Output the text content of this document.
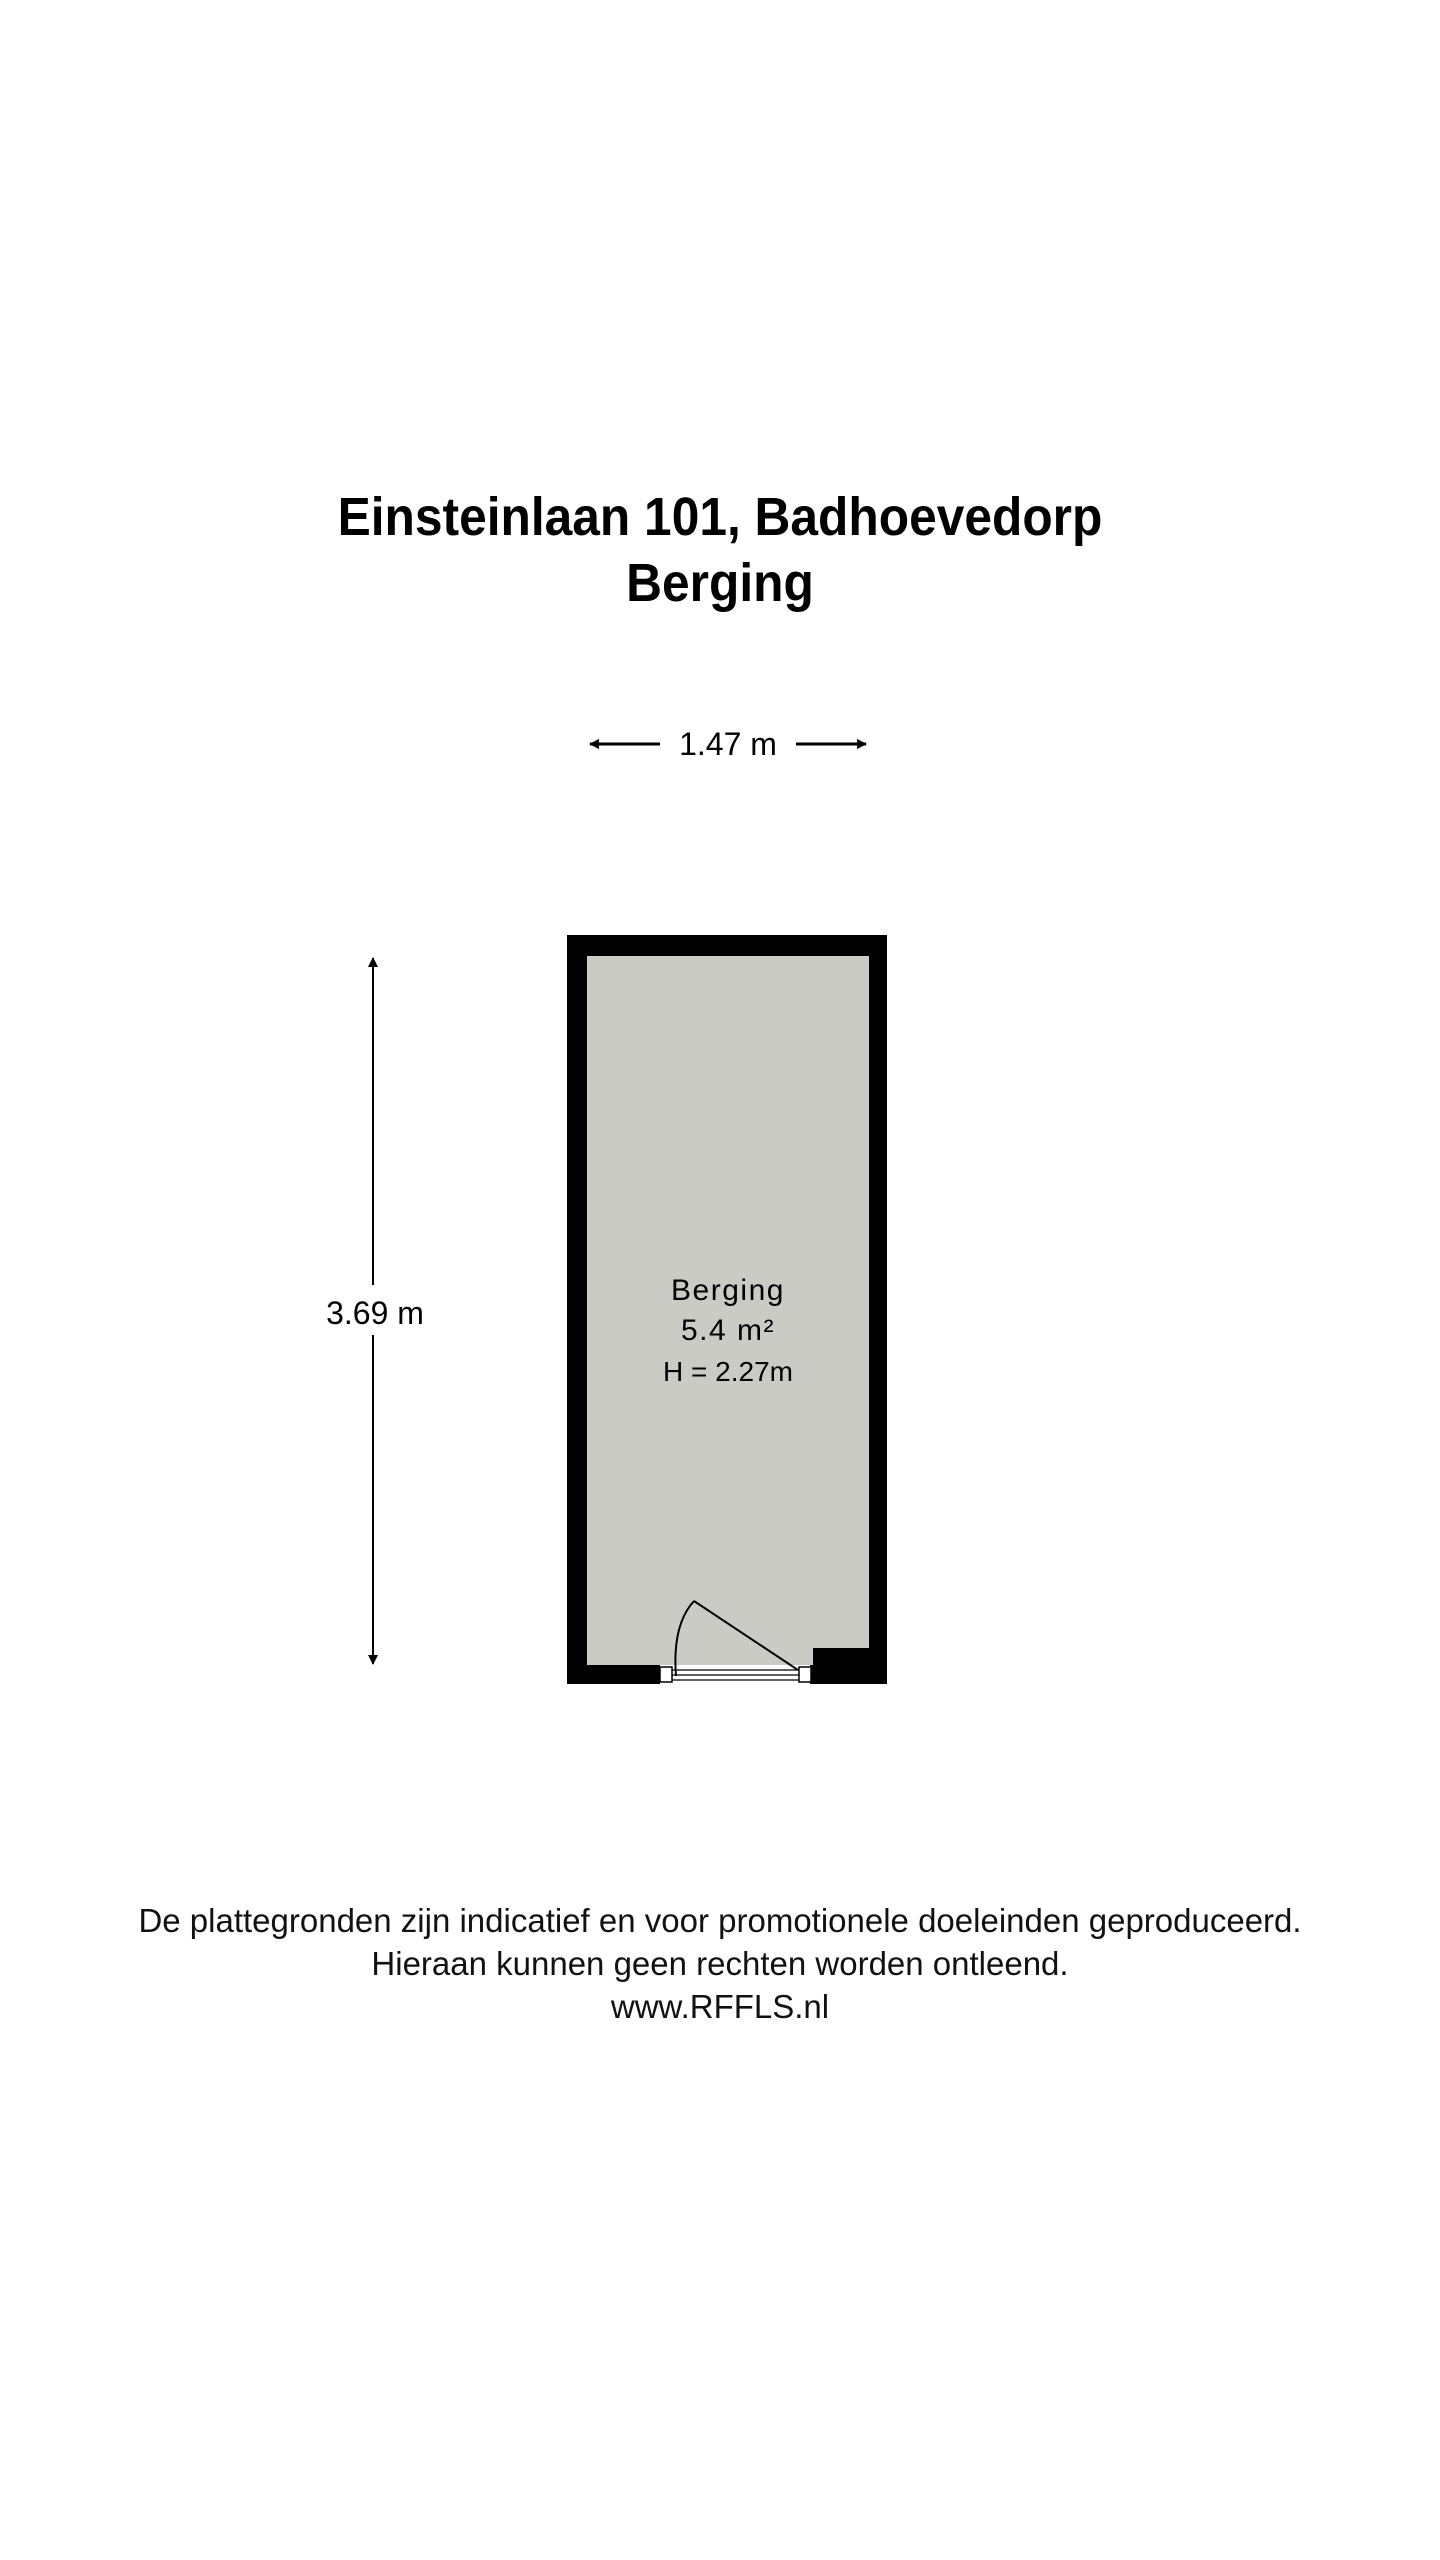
Einsteinlaan 101, Badhoevedorp
Berging
1.47 m
3.69 m
Berging
5.4 m²
H = 2.27m
De plattegronden zijn indicatief en voor promotionele doeleinden geproduceerd.
Hieraan kunnen geen rechten worden ontleend.
www.RFFLS.nl
